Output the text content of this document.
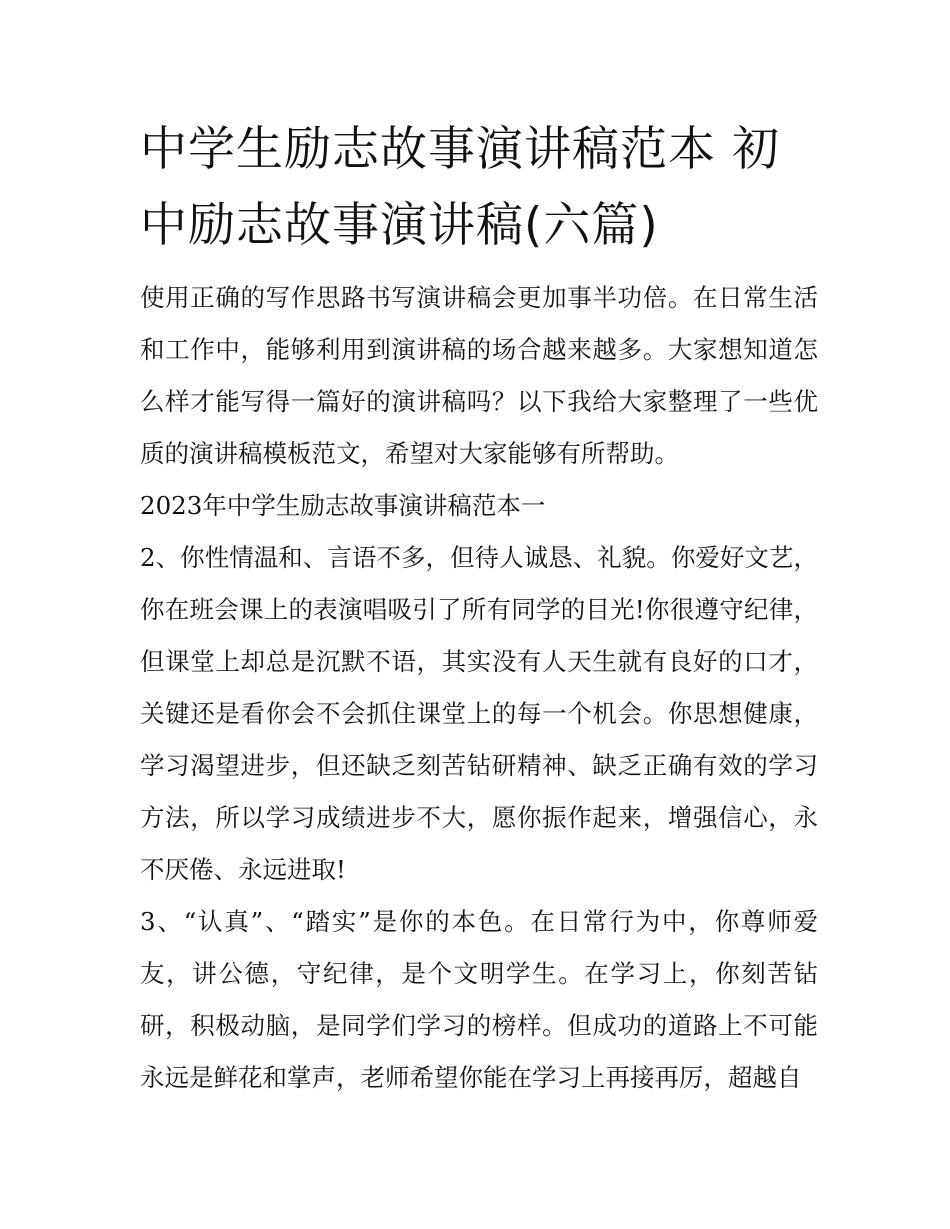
中学生励志故事演讲稿范本 初中励志故事演讲稿(六篇)

使用正确的写作思路书写演讲稿会更加事半功倍。在日常生活和工作中，能够利用到演讲稿的场合越来越多。大家想知道怎么样才能写得一篇好的演讲稿吗？以下我给大家整理了一些优质的演讲稿模板范文，希望对大家能够有所帮助。

2023年中学生励志故事演讲稿范本一

2、你性情温和、言语不多，但待人诚恳、礼貌。你爱好文艺，你在班会课上的表演唱吸引了所有同学的目光!你很遵守纪律，但课堂上却总是沉默不语，其实没有人天生就有良好的口才，关键还是看你会不会抓住课堂上的每一个机会。你思想健康，学习渴望进步，但还缺乏刻苦钻研精神、缺乏正确有效的学习方法，所以学习成绩进步不大，愿你振作起来，增强信心，永不厌倦、永远进取!

3、“认真”、“踏实”是你的本色。在日常行为中，你尊师爱友，讲公德，守纪律，是个文明学生。在学习上，你刻苦钻研，积极动脑，是同学们学习的榜样。但成功的道路上不可能永远是鲜花和掌声，老师希望你能在学习上再接再厉，超越自
